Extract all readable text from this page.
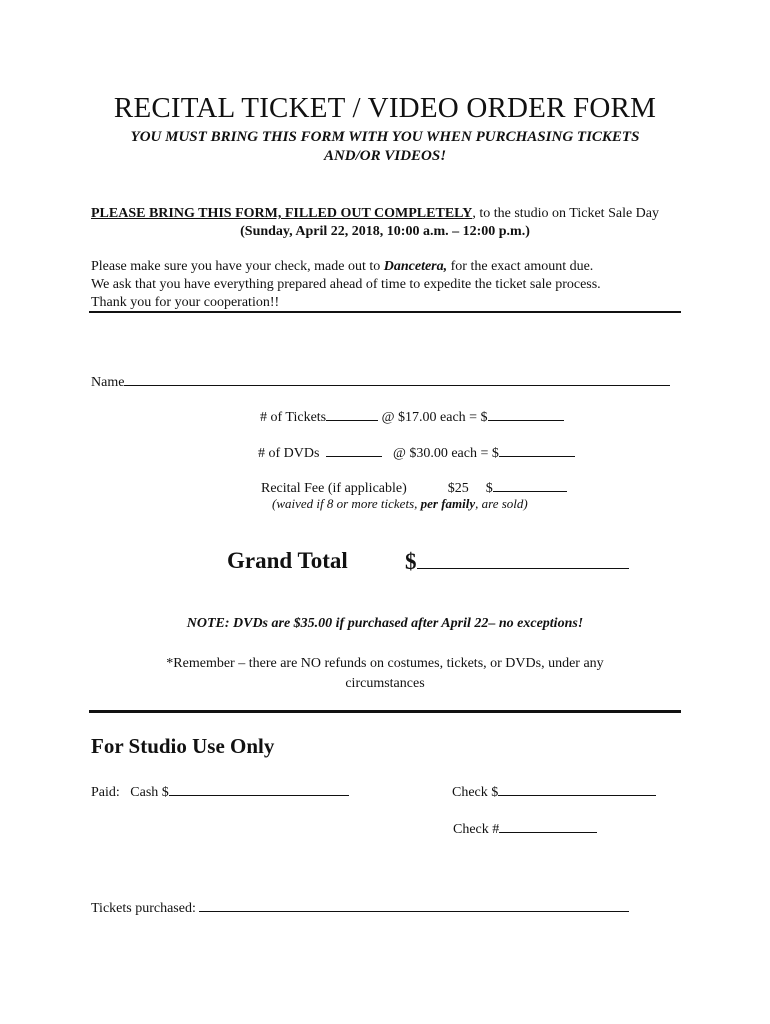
RECITAL TICKET / VIDEO ORDER FORM
YOU MUST BRING THIS FORM WITH YOU WHEN PURCHASING TICKETS
AND/OR VIDEOS!
PLEASE BRING THIS FORM, FILLED OUT COMPLETELY, to the studio on Ticket Sale Day
(Sunday, April 22, 2018, 10:00 a.m. – 12:00 p.m.)
Please make sure you have your check, made out to Dancetera, for the exact amount due.
We ask that you have everything prepared ahead of time to expedite the ticket sale process.
Thank you for your cooperation!!
Name
# of Tickets	@ $17.00 each = $
# of DVDs	@ $30.00 each = $
Recital Fee (if applicable)	$25 $
(waived if 8 or more tickets, per family, are sold)
Grand Total $
NOTE: DVDs are $35.00 if purchased after April 22– no exceptions!
*Remember – there are NO refunds on costumes, tickets, or DVDs, under any
circumstances
For Studio Use Only
Paid: Cash $	Check $
Check #
Tickets purchased:
